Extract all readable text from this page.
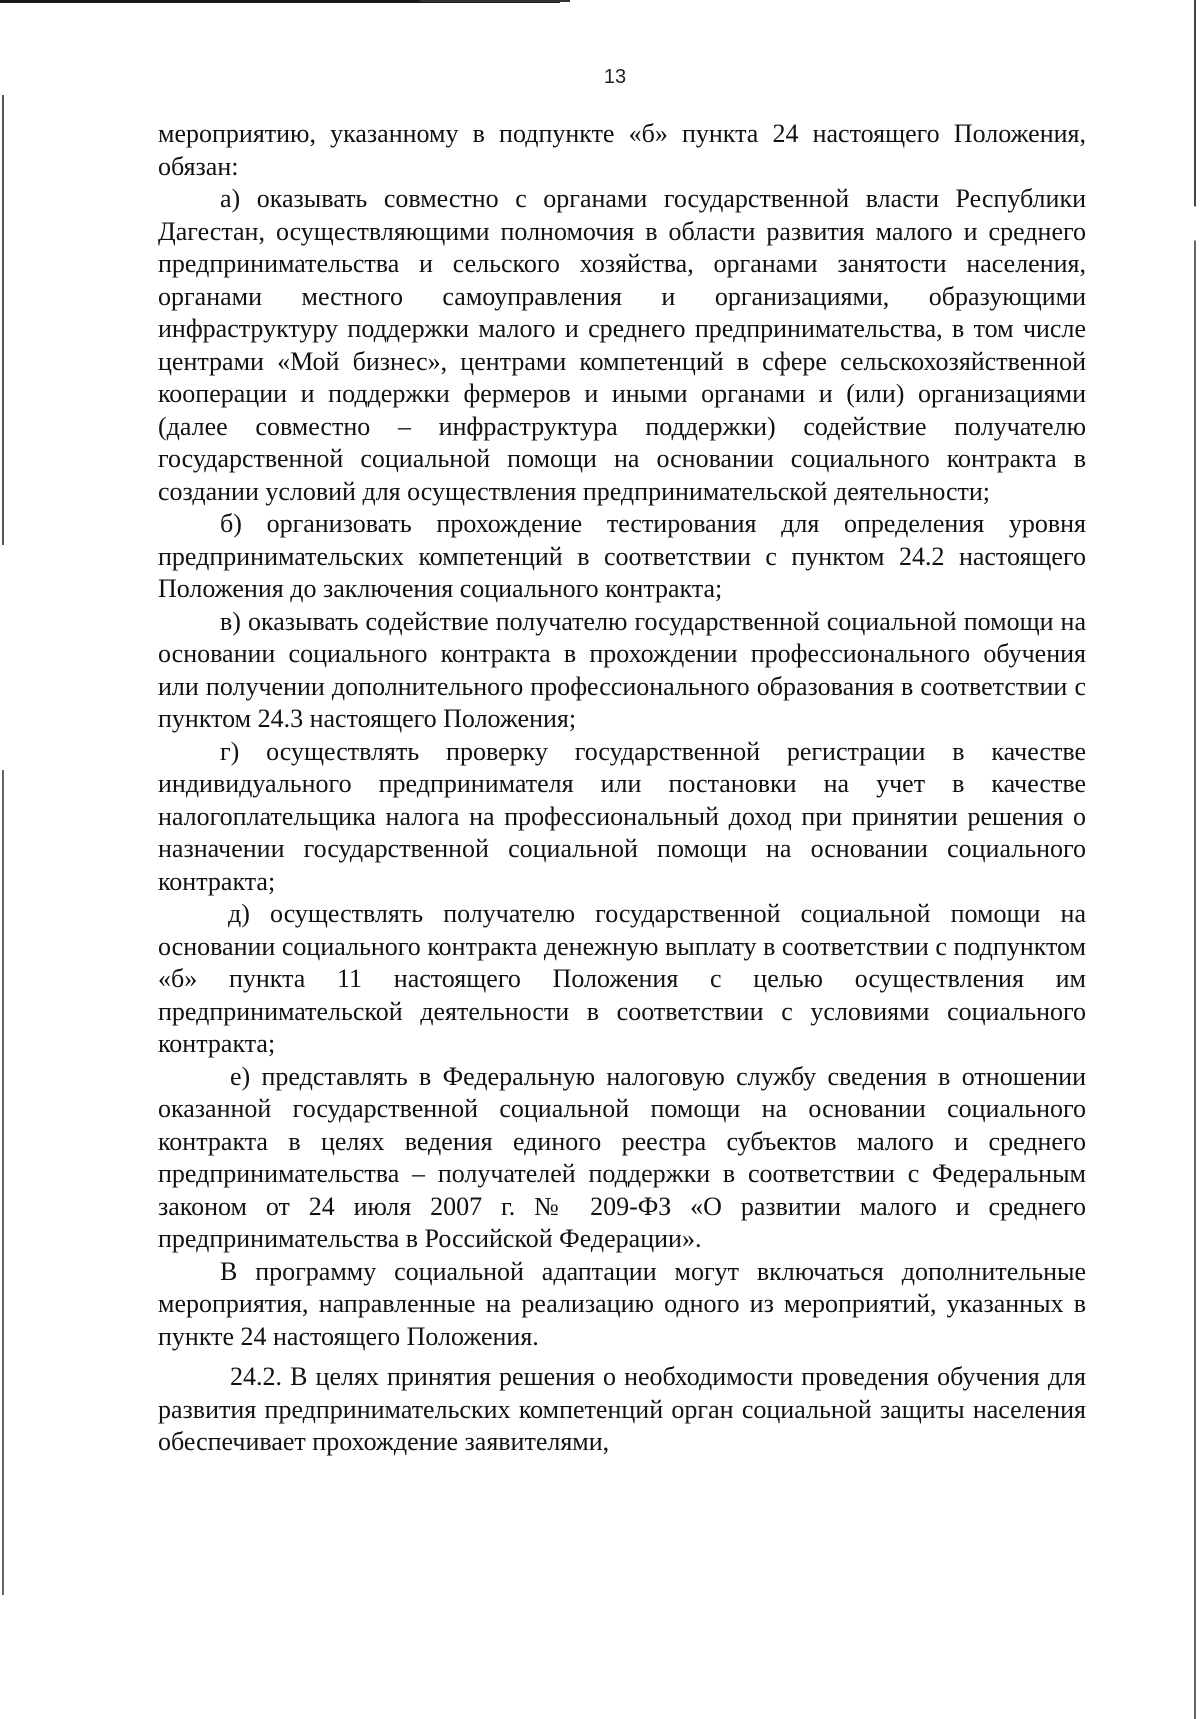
13

мероприятию, указанному в подпункте «б» пункта 24 настоящего Положения, обязан:

а) оказывать совместно с органами государственной власти Республики Дагестан, осуществляющими полномочия в области развития малого и среднего предпринимательства и сельского хозяйства, органами занятости населения, органами местного самоуправления и организациями, образующими инфраструктуру поддержки малого и среднего предпринимательства, в том числе центрами «Мой бизнес», центрами компетенций в сфере сельскохозяйственной кооперации и поддержки фермеров и иными органами и (или) организациями (далее совместно – инфраструктура поддержки) содействие получателю государственной социальной помощи на основании социального контракта в создании условий для осуществления предпринимательской деятельности;

б) организовать прохождение тестирования для определения уровня предпринимательских компетенций в соответствии с пунктом 24.2 настоящего Положения до заключения социального контракта;

в) оказывать содействие получателю государственной социальной помощи на основании социального контракта в прохождении профессионального обучения или получении дополнительного профессионального образования в соответствии с пунктом 24.3 настоящего Положения;

г) осуществлять проверку государственной регистрации в качестве индивидуального предпринимателя или постановки на учет в качестве налогоплательщика налога на профессиональный доход при принятии решения о назначении государственной социальной помощи на основании социального контракта;

д) осуществлять получателю государственной социальной помощи на основании социального контракта денежную выплату в соответствии с подпунктом «б» пункта 11 настоящего Положения с целью осуществления им предпринимательской деятельности в соответствии с условиями социального контракта;

е) представлять в Федеральную налоговую службу сведения в отношении оказанной государственной социальной помощи на основании социального контракта в целях ведения единого реестра субъектов малого и среднего предпринимательства – получателей поддержки в соответствии с Федеральным законом от 24 июля 2007 г. № 209-ФЗ «О развитии малого и среднего предпринимательства в Российской Федерации».

В программу социальной адаптации могут включаться дополнительные мероприятия, направленные на реализацию одного из мероприятий, указанных в пункте 24 настоящего Положения.

24.2. В целях принятия решения о необходимости проведения обучения для развития предпринимательских компетенций орган социальной защиты населения обеспечивает прохождение заявителями,
